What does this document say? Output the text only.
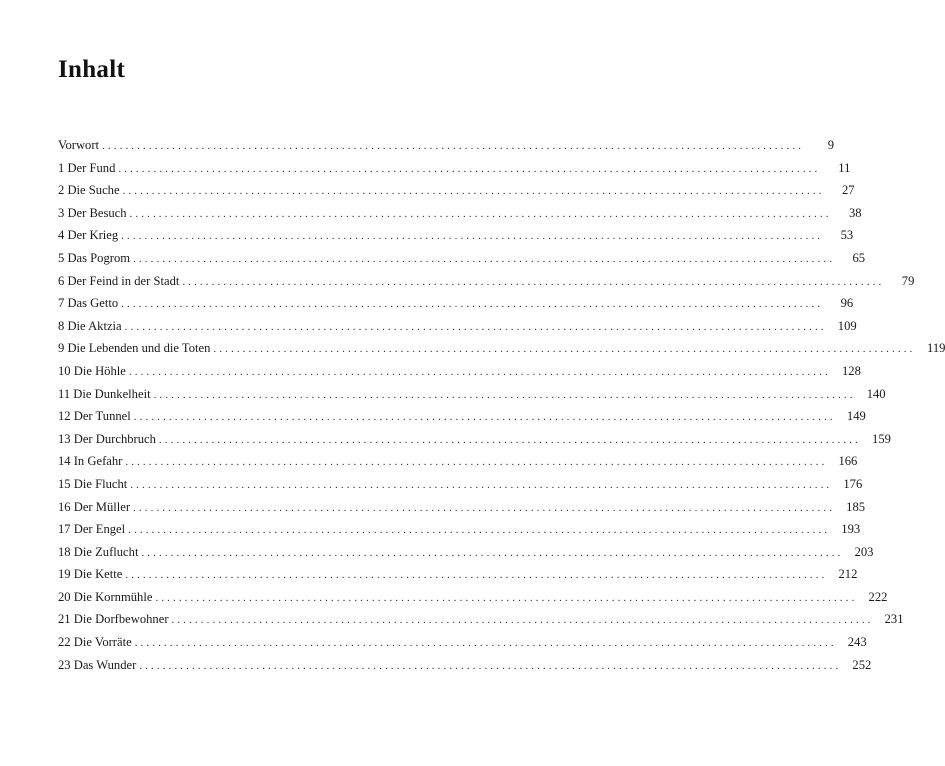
Inhalt
Vorwort ........................................................................................................................	9
1 Der Fund ........................................................................................................................	11
2 Die Suche ........................................................................................................................	27
3 Der Besuch ........................................................................................................................	38
4 Der Krieg ........................................................................................................................	53
5 Das Pogrom ........................................................................................................................	65
6 Der Feind in der Stadt ........................................................................................................................	79
7 Das Getto ........................................................................................................................	96
8 Die Aktzia ........................................................................................................................ 109
9 Die Lebenden und die Toten ........................................................................................................................ 119
10 Die Höhle ........................................................................................................................ 128
11 Die Dunkelheit ........................................................................................................................ 140
12 Der Tunnel ........................................................................................................................ 149
13 Der Durchbruch ........................................................................................................................ 159
14 In Gefahr ........................................................................................................................ 166
15 Die Flucht ........................................................................................................................ 176
16 Der Müller ........................................................................................................................ 185
17 Der Engel ........................................................................................................................ 193
18 Die Zuflucht ........................................................................................................................ 203
19 Die Kette ........................................................................................................................ 212
20 Die Kornmühle ........................................................................................................................ 222
21 Die Dorfbewohner ........................................................................................................................ 231
22 Die Vorräte ........................................................................................................................ 243
23 Das Wunder ........................................................................................................................ 252
